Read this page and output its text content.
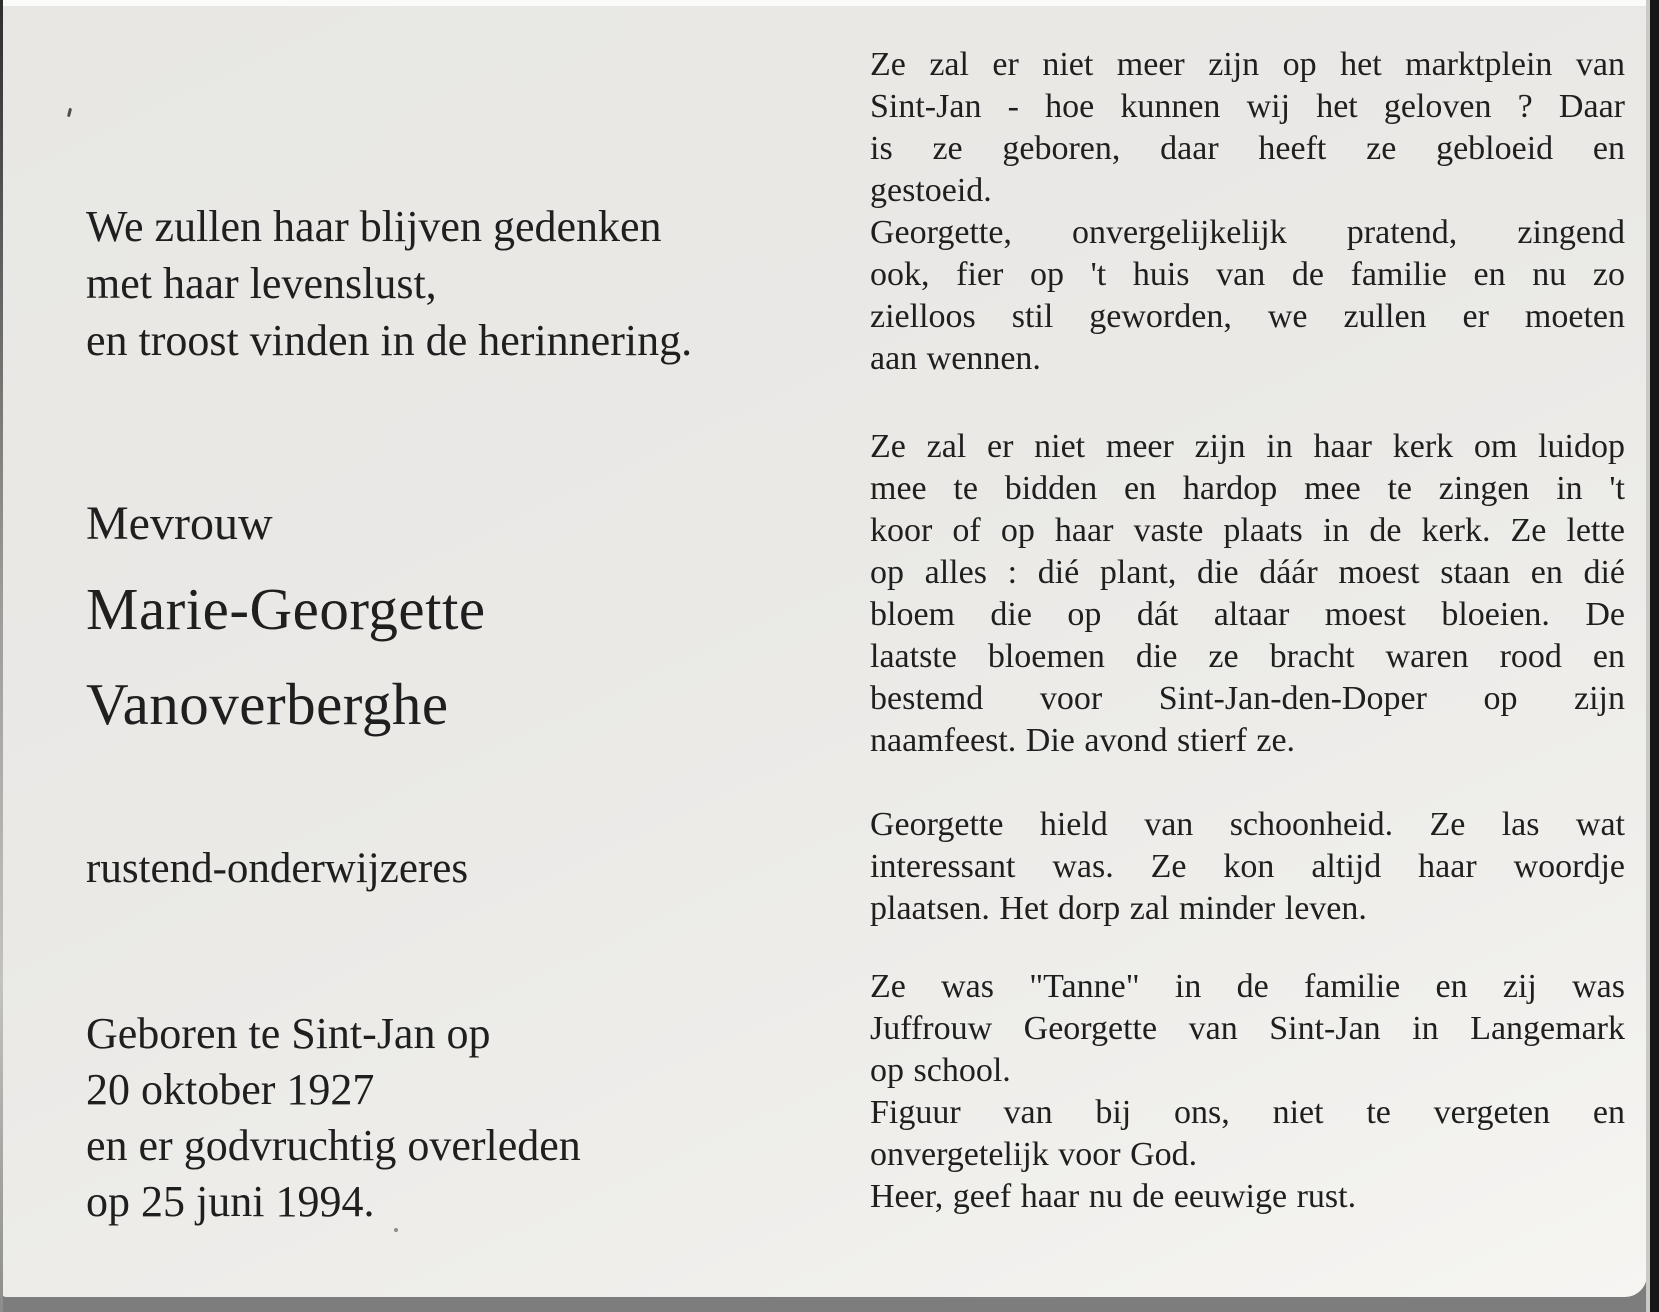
We zullen haar blijven gedenken
met haar levenslust,
en troost vinden in de herinnering.
Mevrouw
Marie-Georgette
Vanoverberghe
rustend-onderwijzeres
Geboren te Sint-Jan op
20 oktober 1927
en er godvruchtig overleden
op 25 juni 1994.
Ze zal er niet meer zijn op het marktplein van
Sint-Jan - hoe kunnen wij het geloven ? Daar
is ze geboren, daar heeft ze gebloeid en
gestoeid.
Georgette, onvergelijkelijk pratend, zingend
ook, fier op 't huis van de familie en nu zo
zielloos stil geworden, we zullen er moeten
aan wennen.
Ze zal er niet meer zijn in haar kerk om luidop
mee te bidden en hardop mee te zingen in 't
koor of op haar vaste plaats in de kerk. Ze lette
op alles : dié plant, die dáár moest staan en dié
bloem die op dát altaar moest bloeien. De
laatste bloemen die ze bracht waren rood en
bestemd voor Sint-Jan-den-Doper op zijn
naamfeest. Die avond stierf ze.
Georgette hield van schoonheid. Ze las wat
interessant was. Ze kon altijd haar woordje
plaatsen. Het dorp zal minder leven.
Ze was "Tanne" in de familie en zij was
Juffrouw Georgette van Sint-Jan in Langemark
op school.
Figuur van bij ons, niet te vergeten en
onvergetelijk voor God.
Heer, geef haar nu de eeuwige rust.
